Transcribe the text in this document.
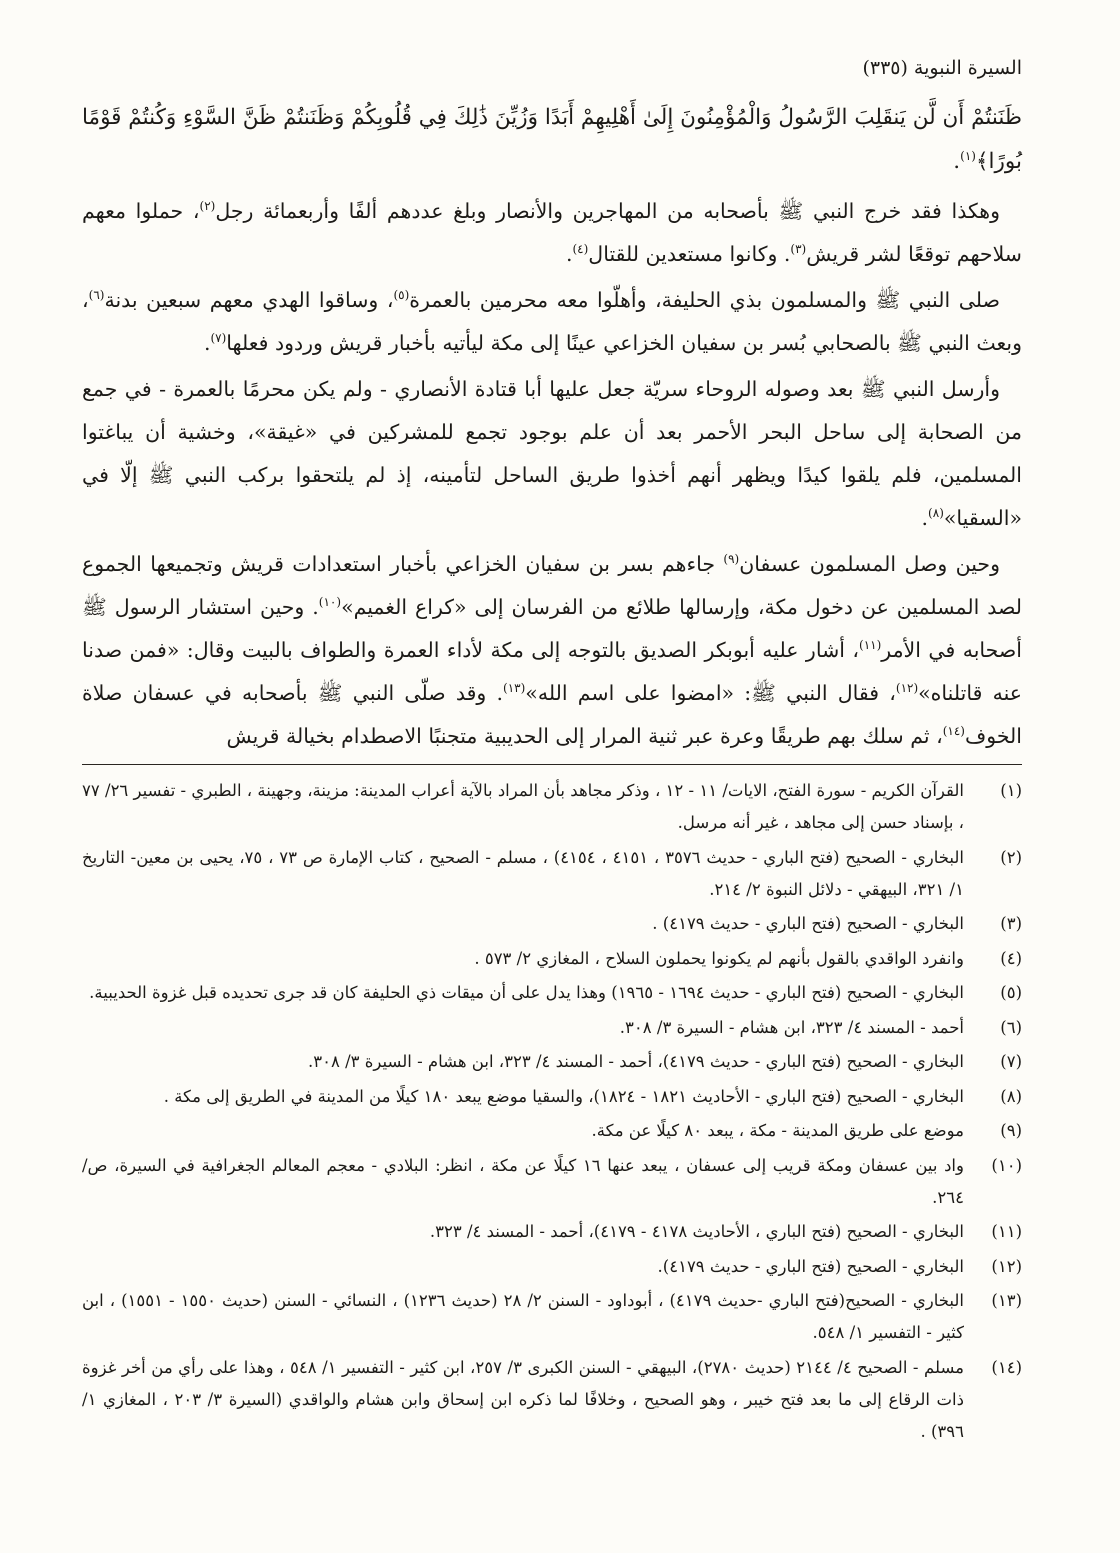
السيرة النبوية (٣٣٥)

ظَنَنتُمْ أَن لَّن يَنقَلِبَ الرَّسُولُ وَالْمُؤْمِنُونَ إِلَىٰ أَهْلِيهِمْ أَبَدًا وَزُيِّنَ ذَٰلِكَ فِي قُلُوبِكُمْ وَظَنَنتُمْ ظَنَّ السَّوْءِ وَكُنتُمْ قَوْمًا بُورًا﴾$^{(١)}$.

وهكذا فقد خرج النبي ﷺ بأصحابه من المهاجرين والأنصار وبلغ عددهم ألفًا وأربعمائة رجل$^{(٢)}$، حملوا معهم سلاحهم توقعًا لشر قريش$^{(٣)}$. وكانوا مستعدين للقتال$^{(٤)}$.

صلى النبي ﷺ والمسلمون بذي الحليفة، وأهلّوا معه محرمين بالعمرة$^{(٥)}$، وساقوا الهدي معهم سبعين بدنة$^{(٦)}$، وبعث النبي ﷺ بالصحابي بُسر بن سفيان الخزاعي عينًا إلى مكة ليأتيه بأخبار قريش وردود فعلها$^{(٧)}$.

وأرسل النبي ﷺ بعد وصوله الروحاء سريّة جعل عليها أبا قتادة الأنصاري - ولم يكن محرمًا بالعمرة - في جمع من الصحابة إلى ساحل البحر الأحمر بعد أن علم بوجود تجمع للمشركين في «غيقة»، وخشية أن يباغتوا المسلمين، فلم يلقوا كيدًا ويظهر أنهم أخذوا طريق الساحل لتأمينه، إذ لم يلتحقوا بركب النبي ﷺ إلّا في «السقيا»$^{(٨)}$.

وحين وصل المسلمون عسفان$^{(٩)}$ جاءهم بسر بن سفيان الخزاعي بأخبار استعدادات قريش وتجميعها الجموع لصد المسلمين عن دخول مكة، وإرسالها طلائع من الفرسان إلى «كراع الغميم»$^{(١٠)}$. وحين استشار الرسول ﷺ أصحابه في الأمر$^{(١١)}$، أشار عليه أبوبكر الصديق بالتوجه إلى مكة لأداء العمرة والطواف بالبيت وقال: «فمن صدنا عنه قاتلناه»$^{(١٢)}$، فقال النبي ﷺ: «امضوا على اسم الله»$^{(١٣)}$. وقد صلّى النبي ﷺ بأصحابه في عسفان صلاة الخوف$^{(١٤)}$، ثم سلك بهم طريقًا وعرة عبر ثنية المرار إلى الحديبية متجنبًا الاصطدام بخيالة قريش

(١)
القرآن الكريم - سورة الفتح، الايات/ ١١ - ١٢ ، وذكر مجاهد بأن المراد بالآية أعراب المدينة: مزينة، وجهينة ، الطبري - تفسير ٢٦/ ٧٧ ، بإسناد حسن إلى مجاهد ، غير أنه مرسل.
(٢)
البخاري - الصحيح (فتح الباري - حديث ٣٥٧٦ ، ٤١٥١ ، ٤١٥٤) ، مسلم - الصحيح ، كتاب الإمارة ص ٧٣ ، ٧٥، يحيى بن معين- التاريخ ١/ ٣٢١، البيهقي - دلائل النبوة ٢/ ٢١٤.
(٣)
البخاري - الصحيح (فتح الباري - حديث ٤١٧٩) .
(٤)
وانفرد الواقدي بالقول بأنهم لم يكونوا يحملون السلاح ، المغازي ٢/ ٥٧٣ .
(٥)
البخاري - الصحيح (فتح الباري - حديث ١٦٩٤ - ١٩٦٥) وهذا يدل على أن ميقات ذي الحليفة كان قد جرى تحديده قبل غزوة الحديبية.
(٦)
أحمد - المسند ٤/ ٣٢٣، ابن هشام - السيرة ٣/ ٣٠٨.
(٧)
البخاري - الصحيح (فتح الباري - حديث ٤١٧٩)، أحمد - المسند ٤/ ٣٢٣، ابن هشام - السيرة ٣/ ٣٠٨.
(٨)
البخاري - الصحيح (فتح الباري - الأحاديث ١٨٢١ - ١٨٢٤)، والسقيا موضع يبعد ١٨٠ كيلًا من المدينة في الطريق إلى مكة .
(٩)
موضع على طريق المدينة - مكة ، يبعد ٨٠ كيلًا عن مكة.
(١٠)
واد بين عسفان ومكة قريب إلى عسفان ، يبعد عنها ١٦ كيلًا عن مكة ، انظر: البلادي - معجم المعالم الجغرافية في السيرة، ص/ ٢٦٤.
(١١)
البخاري - الصحيح (فتح الباري ، الأحاديث ٤١٧٨ - ٤١٧٩)، أحمد - المسند ٤/ ٣٢٣.
(١٢)
البخاري - الصحيح (فتح الباري - حديث ٤١٧٩).
(١٣)
البخاري - الصحيح(فتح الباري -حديث ٤١٧٩) ، أبوداود - السنن ٢/ ٢٨ (حديث ١٢٣٦) ، النسائي - السنن (حديث ١٥٥٠ - ١٥٥١) ، ابن كثير - التفسير ١/ ٥٤٨.
(١٤)
مسلم - الصحيح ٤/ ٢١٤٤ (حديث ٢٧٨٠)، البيهقي - السنن الكبرى ٣/ ٢٥٧، ابن كثير - التفسير ١/ ٥٤٨ ، وهذا على رأي من أخر غزوة ذات الرقاع إلى ما بعد فتح خيبر ، وهو الصحيح ، وخلافًا لما ذكره ابن إسحاق وابن هشام والواقدي (السيرة ٣/ ٢٠٣ ، المغازي ١/ ٣٩٦) .
